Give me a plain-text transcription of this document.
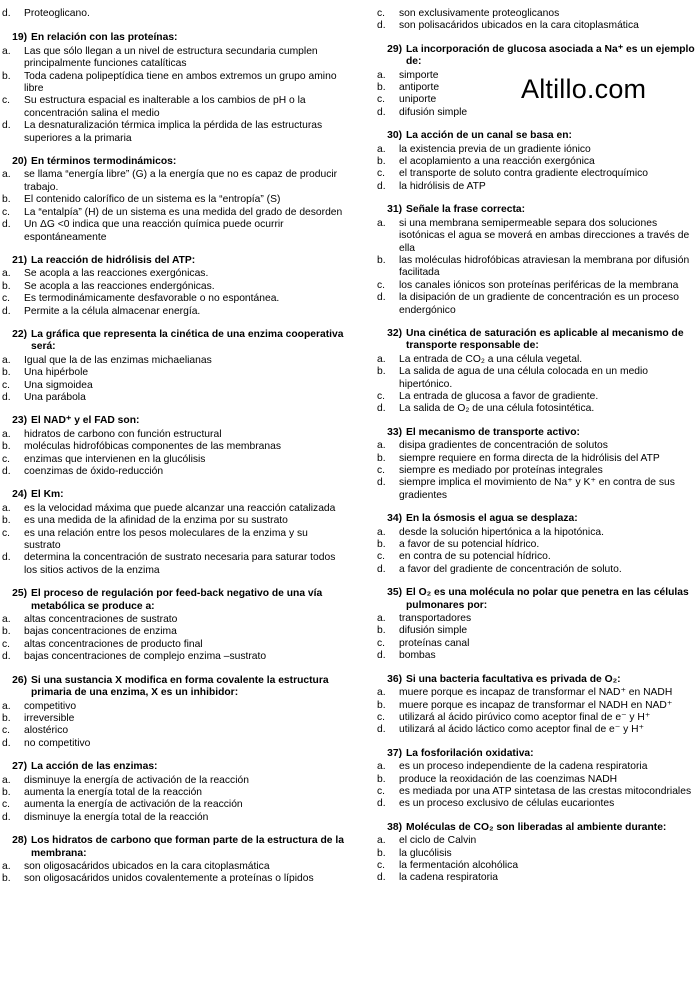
Altillo.com
d.	Proteoglicano.
19) En relación con las proteínas:
a.	Las que sólo llegan a un nivel de estructura secundaria cumplen principalmente funciones catalíticas
b.	Toda cadena polipeptídica tiene en ambos extremos un grupo amino libre
c.	Su estructura espacial es inalterable a los cambios de pH o la concentración salina el medio
d.	La desnaturalización térmica implica la pérdida de las estructuras superiores a la primaria
20) En términos termodinámicos:
a.	se llama “energía libre” (G) a la energía que no es capaz de producir trabajo.
b.	El contenido calorífico de un sistema es la “entropía” (S)
c.	La “entalpía” (H) de un sistema es una medida del grado de desorden
d.	Un ΔG <0 indica que una reacción química puede ocurrir espontáneamente
21) La reacción de hidrólisis del ATP:
a.	Se acopla a las reacciones exergónicas.
b.	Se acopla a las reacciones endergónicas.
c.	Es termodinámicamente desfavorable o no espontánea.
d.	Permite a la célula almacenar energía.
22) La gráfica que representa la cinética de una enzima cooperativa será:
a.	Igual que la de las enzimas michaelianas
b.	Una hipérbole
c.	Una sigmoidea
d.	Una parábola
23) El NAD⁺ y el FAD son:
a.	hidratos de carbono con función estructural
b.	moléculas hidrofóbicas componentes de las membranas
c.	enzimas que intervienen en la glucólisis
d.	coenzimas de óxido-reducción
24) El Km:
a.	es la velocidad máxima que puede alcanzar una reacción catalizada
b.	es una medida de la afinidad de la enzima por su sustrato
c.	es una relación entre los pesos moleculares de la enzima y su sustrato
d.	determina la concentración de sustrato necesaria para saturar todos los sitios activos de la enzima
25) El proceso de regulación por feed-back negativo de una vía metabólica se produce a:
a.	altas concentraciones de sustrato
b.	bajas concentraciones de enzima
c.	altas concentraciones de producto final
d.	bajas concentraciones de complejo enzima –sustrato
26) Si una sustancia X modifica en forma covalente la estructura primaria de una enzima, X es un inhibidor:
a.	competitivo
b.	irreversible
c.	alostérico
d.	no competitivo
27) La acción de las enzimas:
a.	disminuye la energía de activación de la reacción
b.	aumenta la energía total de la reacción
c.	aumenta la energía de activación de la reacción
d.	disminuye la energía total de la reacción
28) Los hidratos de carbono que forman parte de la estructura de la membrana:
a.	son oligosacáridos ubicados en la cara citoplasmática
b.	son oligosacáridos unidos covalentemente a proteínas o lípidos
c.	son exclusivamente proteoglicanos
d.	son polisacáridos ubicados en la cara citoplasmática
29) La incorporación de glucosa asociada a Na⁺ es un ejemplo de:
a.	simporte
b.	antiporte
c.	uniporte
d.	difusión simple
30) La acción de un canal se basa en:
a.	la existencia previa de un gradiente iónico
b.	el acoplamiento a una reacción exergónica
c.	el transporte de soluto contra gradiente electroquímico
d.	la hidrólisis de ATP
31) Señale la frase correcta:
a.	si una membrana semipermeable separa dos soluciones isotónicas el agua se moverá en ambas direcciones a través de ella
b.	las moléculas hidrofóbicas atraviesan la membrana por difusión facilitada
c.	los canales iónicos son proteínas periféricas de la membrana
d.	la disipación de un gradiente de concentración es un proceso endergónico
32) Una cinética de saturación es aplicable al mecanismo de transporte responsable de:
a.	La entrada de CO₂ a una célula vegetal.
b.	La salida de agua de una célula colocada en un medio hipertónico.
c.	La entrada de glucosa a favor de gradiente.
d.	La salida de O₂ de una célula fotosintética.
33) El mecanismo de transporte activo:
a.	disipa gradientes de concentración de solutos
b.	siempre requiere en forma directa de la hidrólisis del ATP
c.	siempre es mediado por proteínas integrales
d.	siempre implica el movimiento de Na⁺ y K⁺ en contra de sus gradientes
34) En la ósmosis el agua se desplaza:
a.	desde la solución hipertónica a la hipotónica.
b.	a favor de su potencial hídrico.
c.	en contra de su potencial hídrico.
d.	a favor del gradiente de concentración de soluto.
35) El O₂ es una molécula no polar que penetra en las células pulmonares por:
a.	transportadores
b.	difusión simple
c.	proteínas canal
d.	bombas
36) Si una bacteria facultativa es privada de O₂:
a.	muere porque es incapaz de transformar el NAD⁺ en NADH
b.	muere porque es incapaz de transformar el NADH en NAD⁺
c.	utilizará al ácido pirúvico como aceptor final de e⁻ y H⁺
d.	utilizará al ácido láctico como aceptor final de e⁻ y H⁺
37) La fosforilación oxidativa:
a.	es un proceso independiente de la cadena respiratoria
b.	produce la reoxidación de las coenzimas NADH
c.	es mediada por una ATP sintetasa de las crestas mitocondriales
d.	es un proceso exclusivo de células eucariontes
38) Moléculas de CO₂ son liberadas al ambiente durante:
a.	el ciclo de Calvin
b.	la glucólisis
c.	la fermentación alcohólica
d.	la cadena respiratoria
